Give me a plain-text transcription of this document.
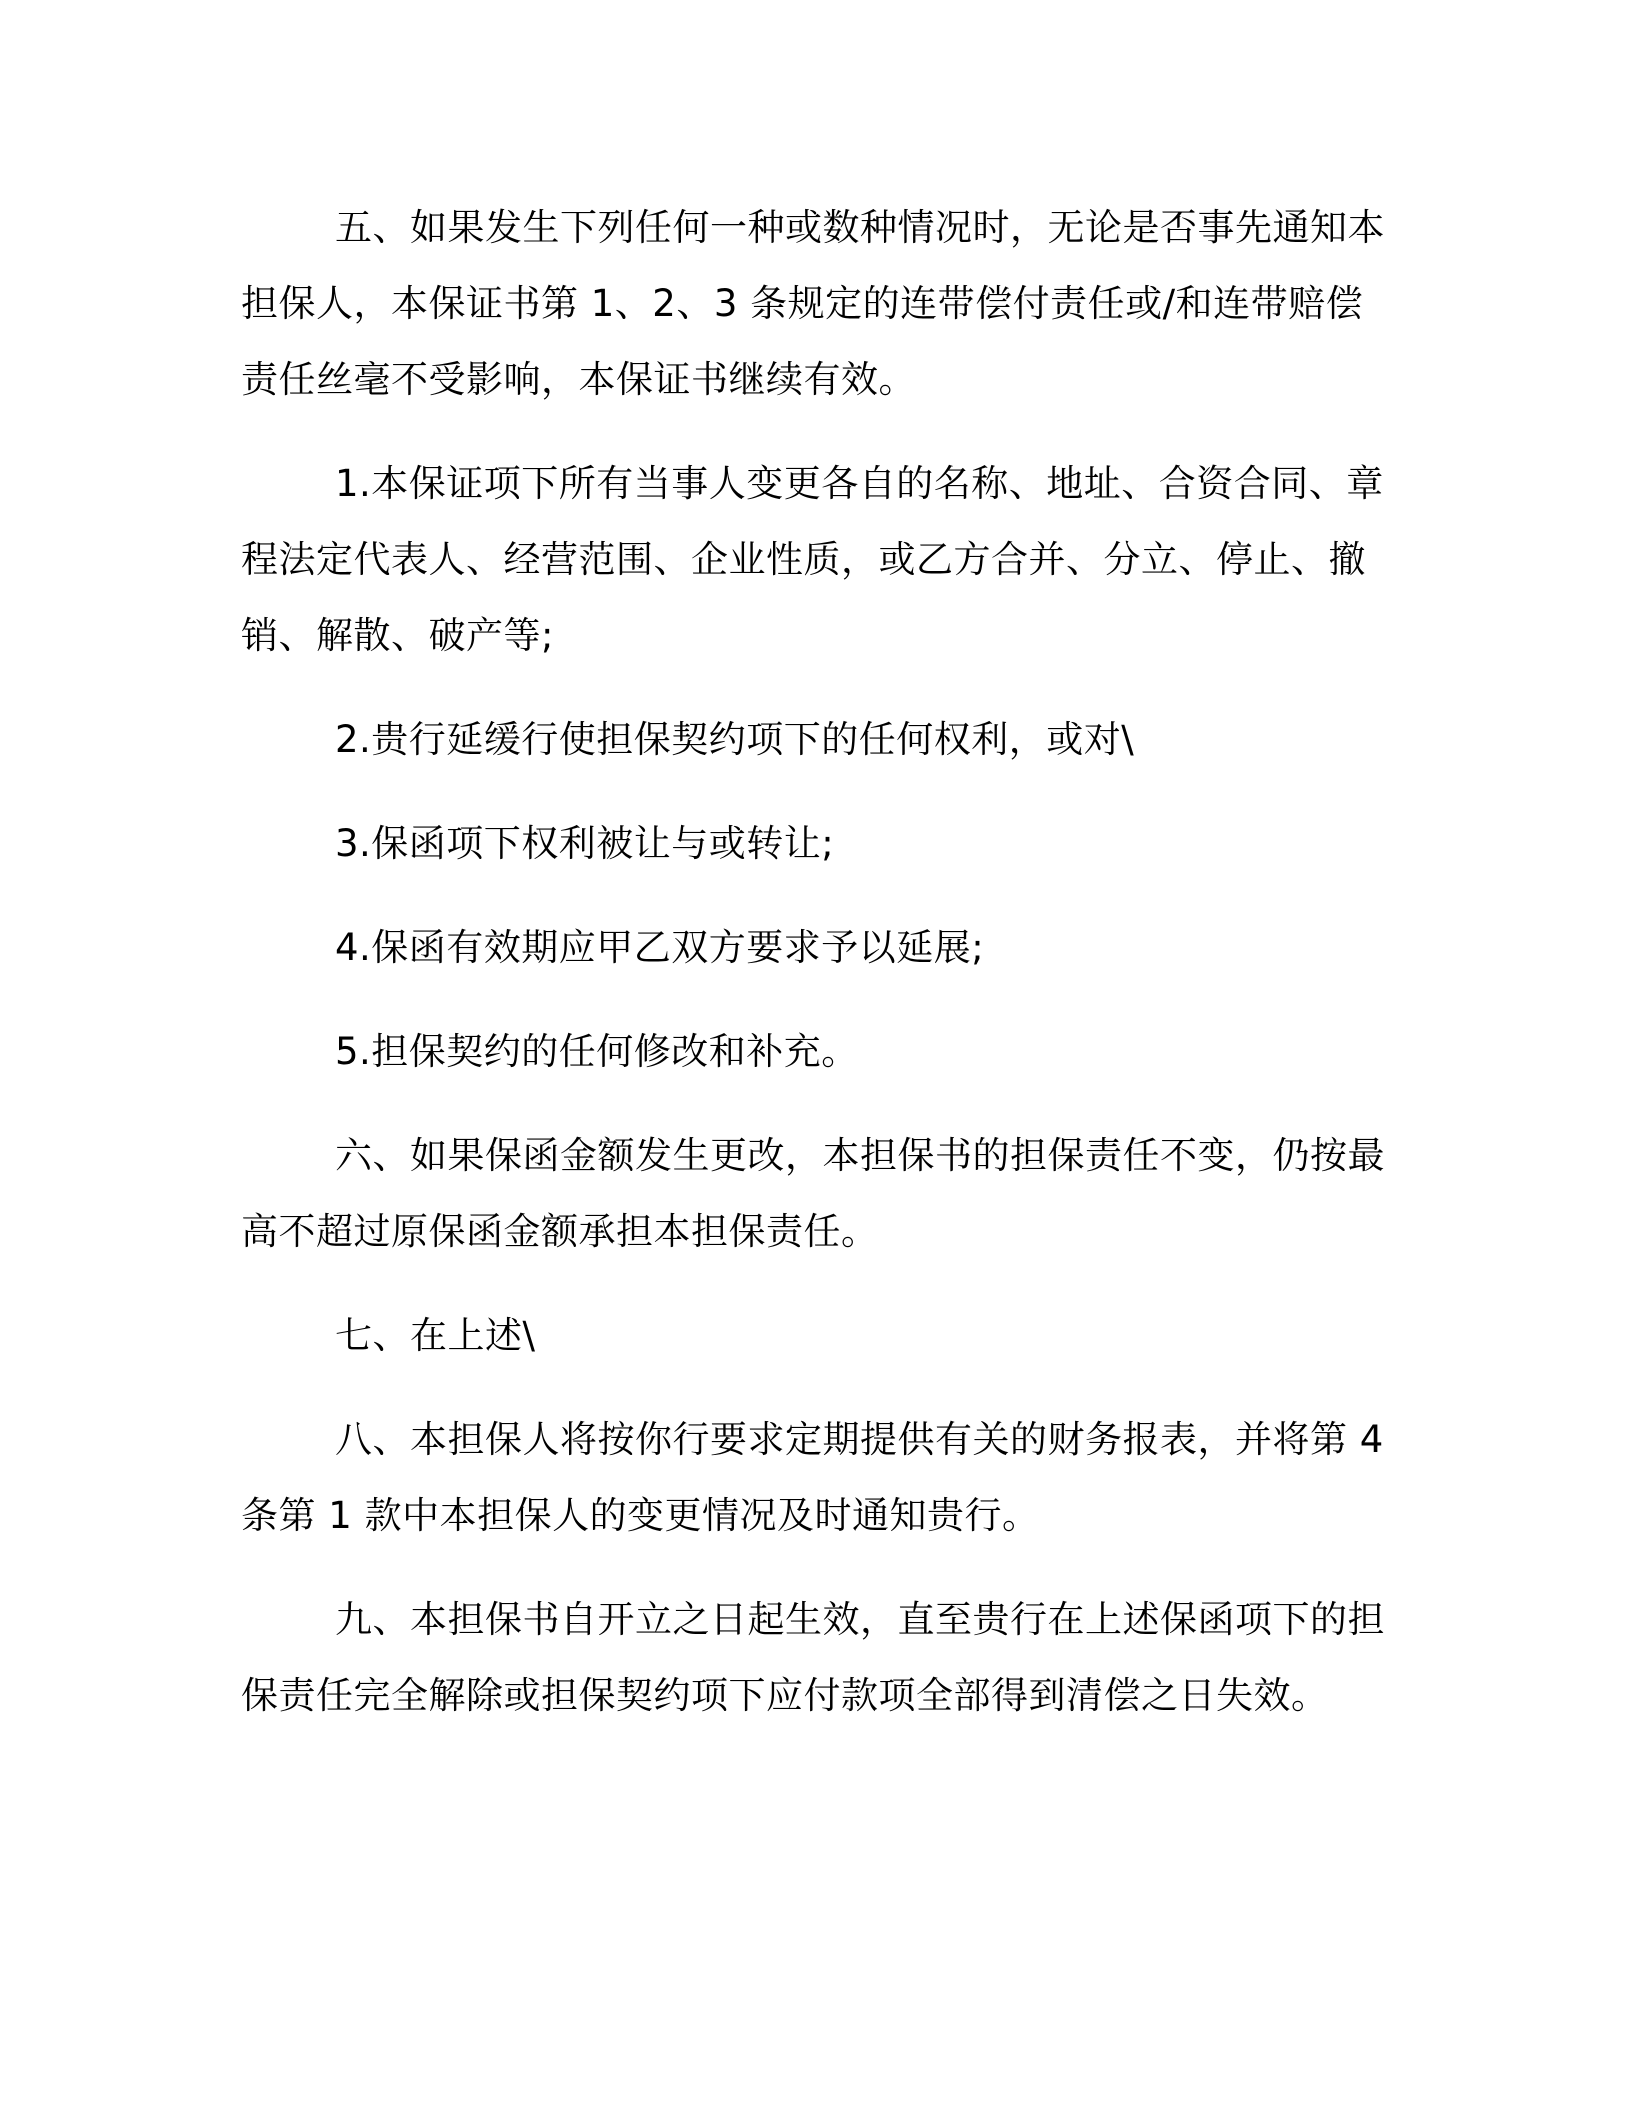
五、如果发生下列任何一种或数种情况时，无论是否事先通知本担保人，本保证书第 1、2、3 条规定的连带偿付责任或/和连带赔偿责任丝毫不受影响，本保证书继续有效。

1.本保证项下所有当事人变更各自的名称、地址、合资合同、章程法定代表人、经营范围、企业性质，或乙方合并、分立、停止、撤销、解散、破产等;

2.贵行延缓行使担保契约项下的任何权利，或对\

3.保函项下权利被让与或转让;

4.保函有效期应甲乙双方要求予以延展;

5.担保契约的任何修改和补充。

六、如果保函金额发生更改，本担保书的担保责任不变，仍按最高不超过原保函金额承担本担保责任。

七、在上述\

八、本担保人将按你行要求定期提供有关的财务报表，并将第 4 条第 1 款中本担保人的变更情况及时通知贵行。

九、本担保书自开立之日起生效，直至贵行在上述保函项下的担保责任完全解除或担保契约项下应付款项全部得到清偿之日失效。
